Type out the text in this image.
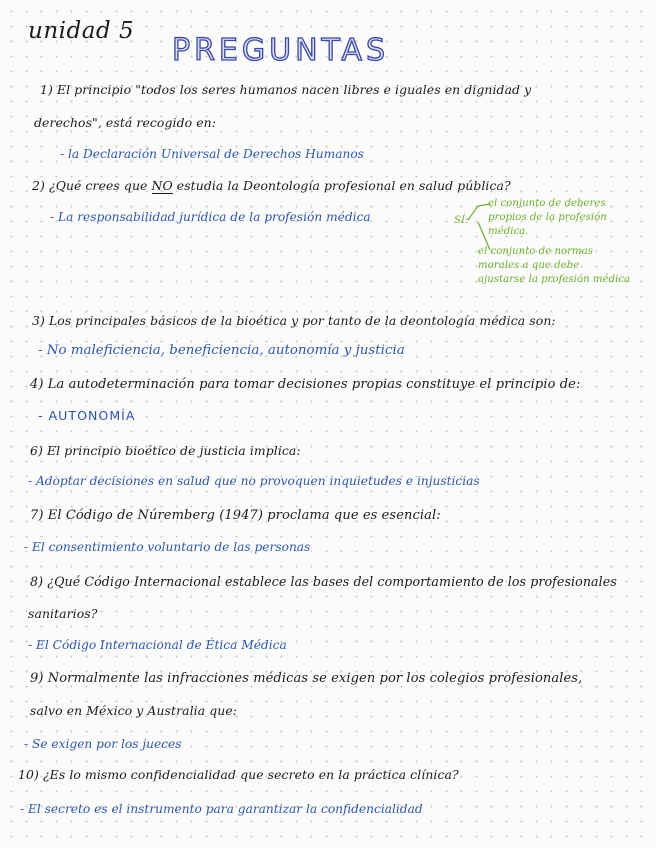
unidad 5
PREGUNTAS
1) El principio "todos los seres humanos nacen libres e iguales en dignidad y
derechos", está recogido en:
- la Declaración Universal de Derechos Humanos
2) ¿Qué crees que NO estudia la Deontología profesional en salud pública?
- La responsabilidad jurídica de la profesión médica	SÍ:
el conjunto de deberes
propios de la profesión
médica.
el conjunto de normas
morales a que debe
ajustarse la profesión médica
3) Los principales básicos de la bioética y por tanto de la deontología médica son:
- No maleficiencia, beneficiencia, autonomía y justicia
4) La autodeterminación para tomar decisiones propias constituye el principio de:
- AUTONOMÍA
6) El principio bioético de justicia implica:
- Adoptar decisiones en salud que no provoquen inquietudes e injusticias
7) El Código de Núremberg (1947) proclama que es esencial:
- El consentimiento voluntario de las personas
8) ¿Qué Código Internacional establece las bases del comportamiento de los profesionales
sanitarios?
- El Código Internacional de Ética Médica
9) Normalmente las infracciones médicas se exigen por los colegios profesionales,
salvo en México y Australia que:
- Se exigen por los jueces
10) ¿Es lo mismo confidencialidad que secreto en la práctica clínica?
- El secreto es el instrumento para garantizar la confidencialidad
